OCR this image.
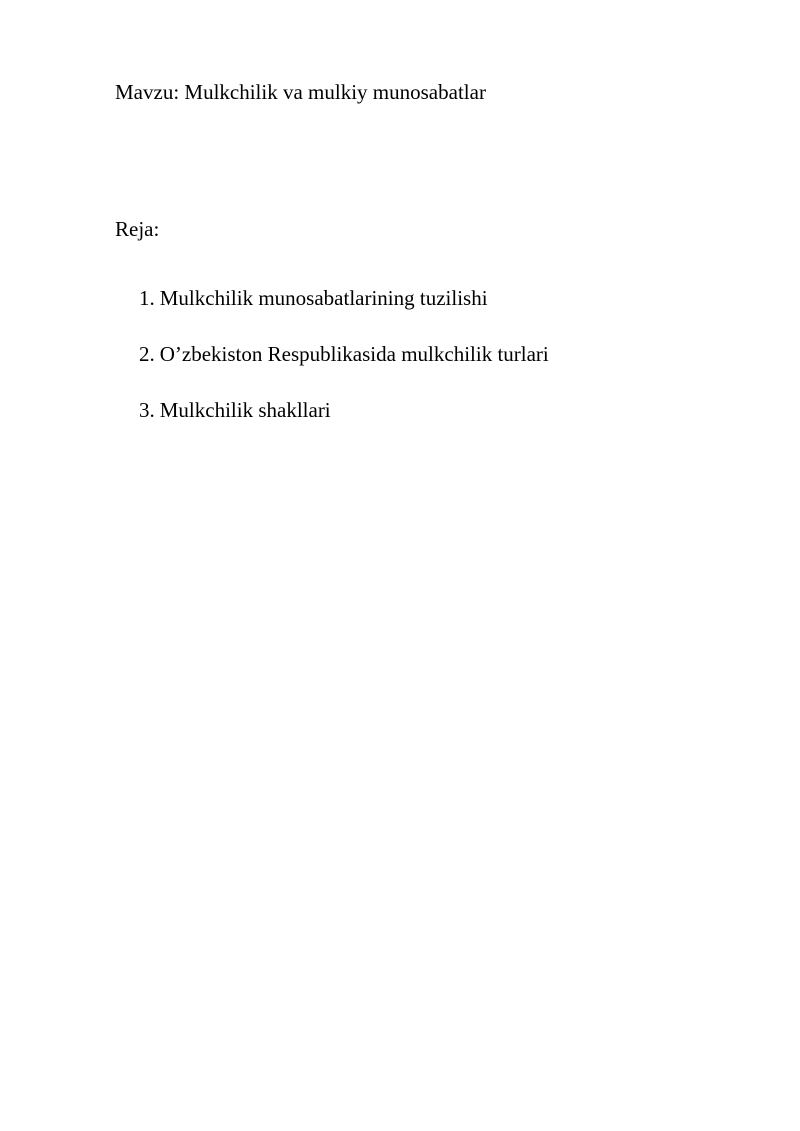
Mavzu: Mulkchilik va mulkiy munosabatlar
Reja:
1. Mulkchilik munosabatlarining tuzilishi
2. O’zbekiston Respublikasida mulkchilik turlari
3. Mulkchilik shakllari
